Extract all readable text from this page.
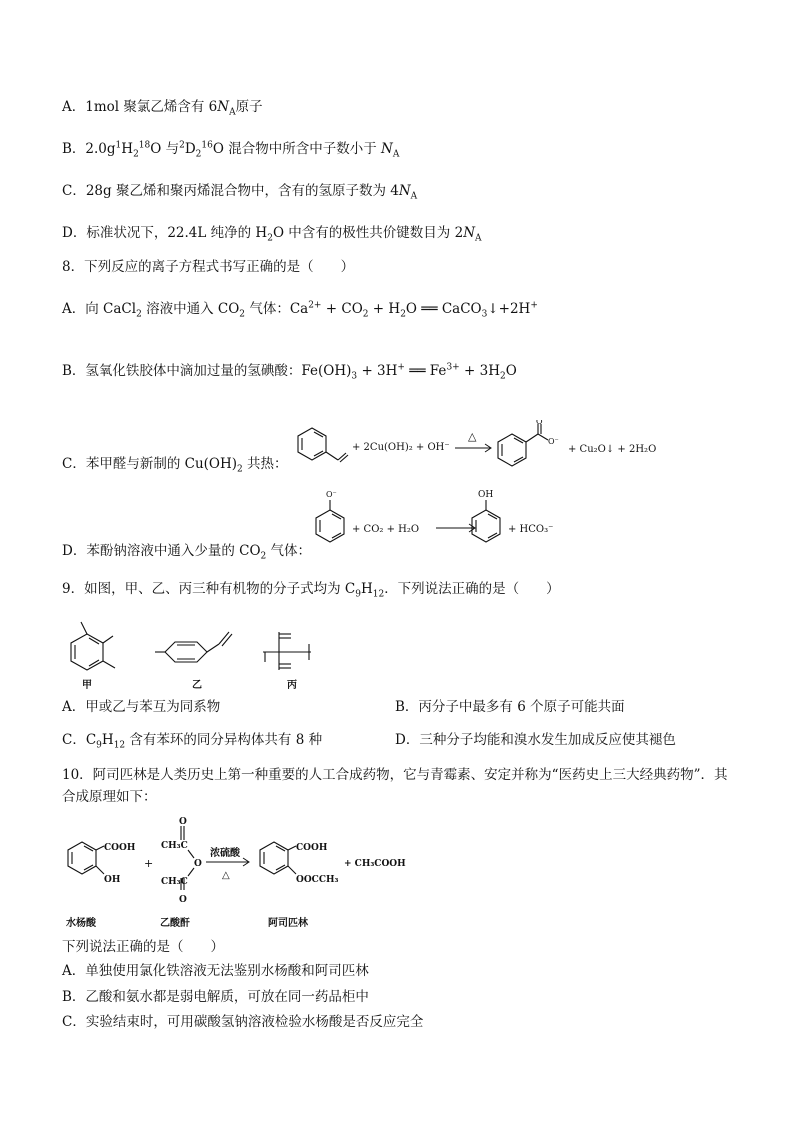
A．1mol 聚氯乙烯含有 $6N_A$原子
B．$2.0g^1H_2^{18}O$ 与$^2D_2^{16}O$ 混合物中所含中子数小于 $N_A$
C．28g 聚乙烯和聚丙烯混合物中，含有的氢原子数为 $4N_A$
D．标准状况下，22.4L 纯净的 $H_2O$ 中含有的极性共价键数目为 $2N_A$
8．下列反应的离子方程式书写正确的是（　　）
A．向 CaCl$_2$ 溶液中通入 $CO_2$ 气体：$Ca^{2+} + CO_2 + H_2O$ ══ CaCO$_3$↓+2H+
B．氢氧化铁胶体中滴加过量的氢碘酸：$Fe(OH)_3 + 3H^+$ ══ $Fe^{3+} + 3H_2O$
C．苯甲醛与新制的 $Cu(OH)_2$ 共热：
+ 2Cu(OH)₂ + OH⁻
△
O
O⁻
+ Cu₂O↓ + 2H₂O
D．苯酚钠溶液中通入少量的 $CO_2$ 气体：
O⁻
+ CO₂ + H₂O
OH
+ HCO₃⁻
9．如图，甲、乙、丙三种有机物的分子式均为 $C_9H_{12}$．下列说法正确的是（　　）
甲	乙	丙
A．甲或乙与苯互为同系物	B．丙分子中最多有 6 个原子可能共面
C．$C_9H_{12}$ 含有苯环的同分异构体共有 8 种	D．三种分子均能和溴水发生加成反应使其褪色
10．阿司匹林是人类历史上第一种重要的人工合成药物，它与青霉素、安定并称为“医药史上三大经典药物”．其
合成原理如下：
COOH
OH
+
O
O
CH₃C
CH₃C
O
浓硫酸
△
COOH
OOCCH₃
+ CH₃COOH
水杨酸	乙酸酐	阿司匹林
下列说法正确的是（　　）
A．单独使用氯化铁溶液无法鉴别水杨酸和阿司匹林
B．乙酸和氨水都是弱电解质，可放在同一药品柜中
C．实验结束时，可用碳酸氢钠溶液检验水杨酸是否反应完全
